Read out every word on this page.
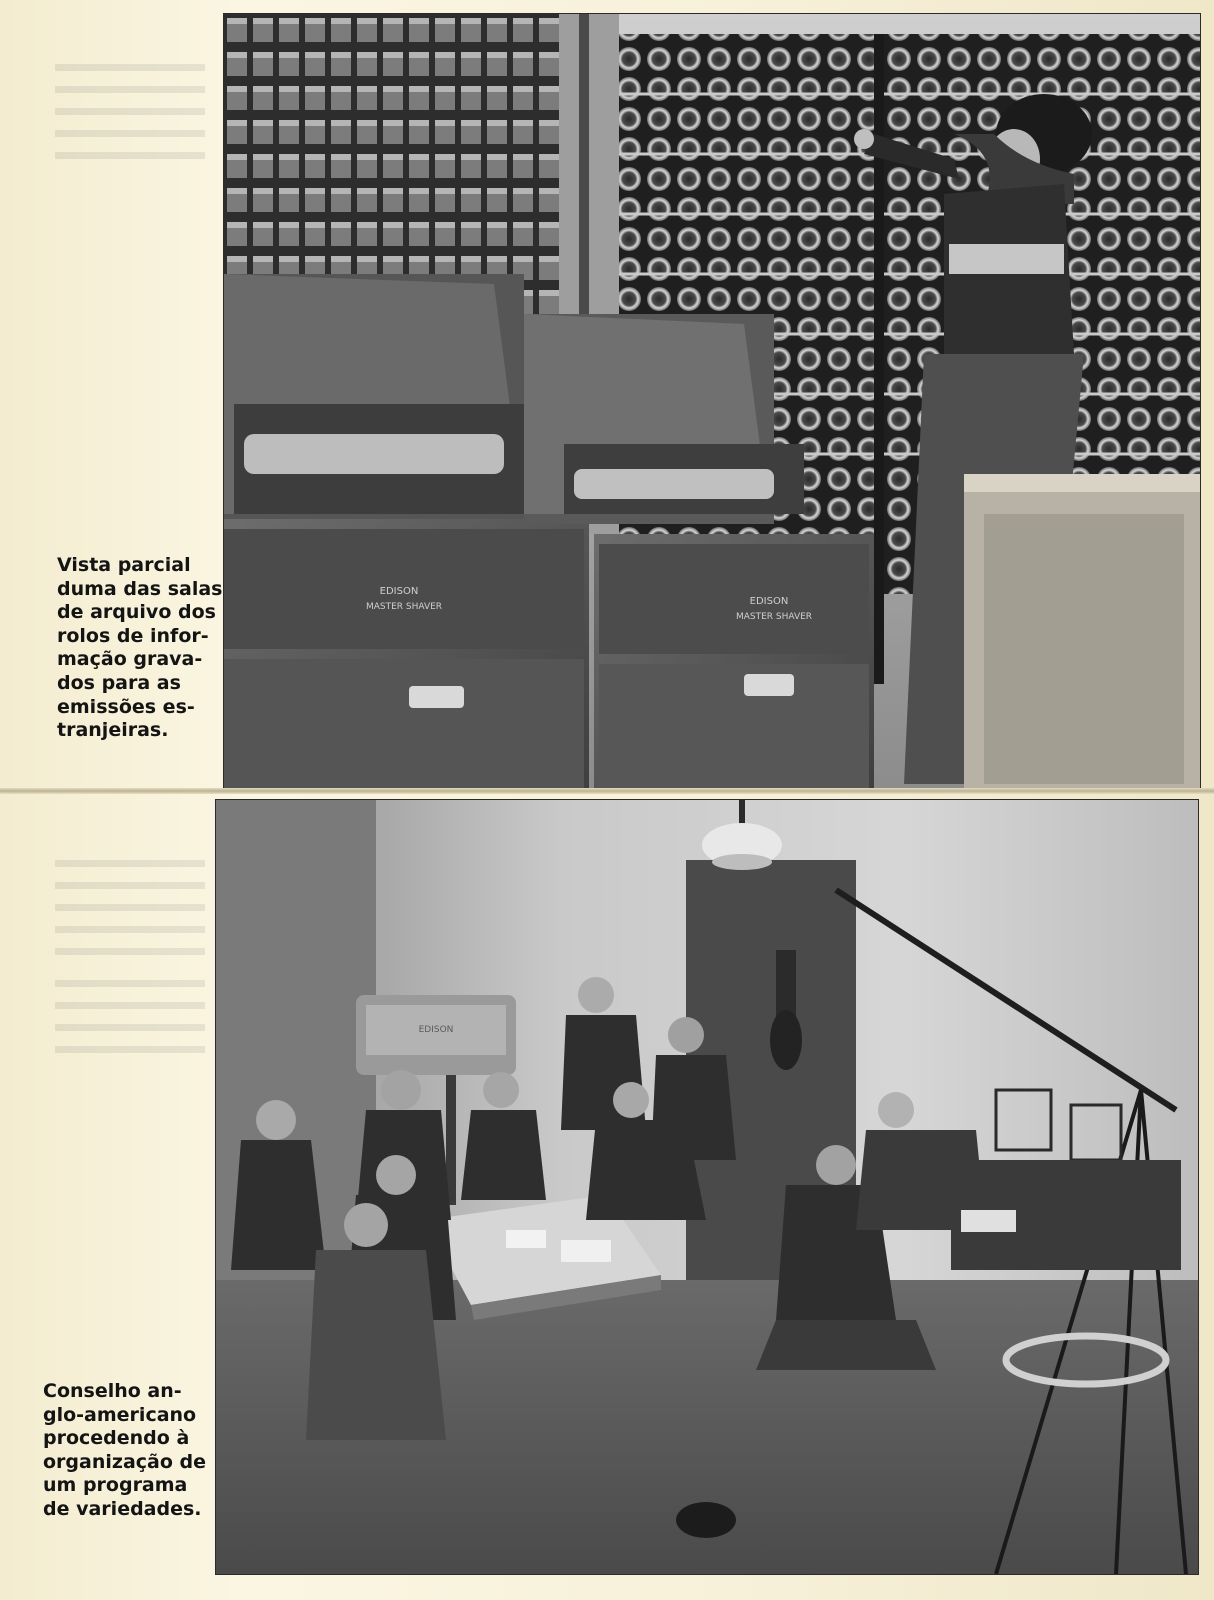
EDISON
MASTER SHAVER	EDISON
MASTER SHAVER
Vista parcial
duma das salas
de arquivo dos
rolos de infor-
mação grava-
dos para as
emissões es-
tranjeiras.
EDISON
Conselho an-
glo-americano
procedendo à
organização de
um programa
de variedades.
